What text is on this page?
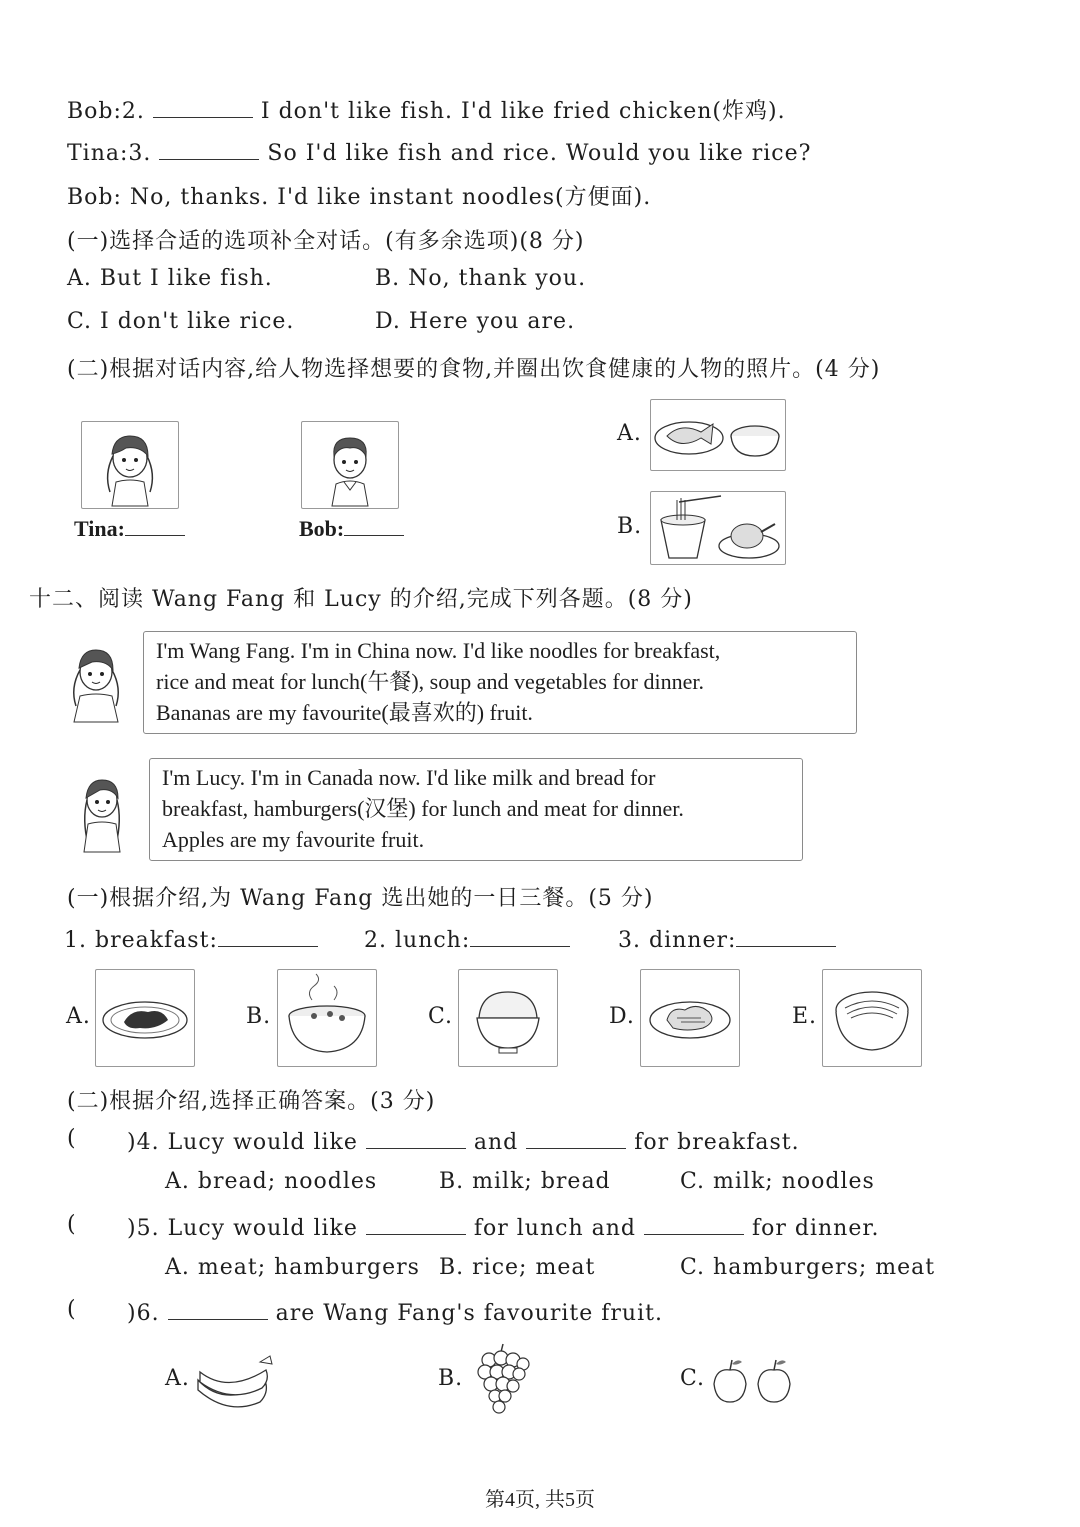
Bob:2.	I don't like fish. I'd like fried chicken(炸鸡).
Tina:3.	So I'd like fish and rice. Would you like rice?
Bob: No, thanks. I'd like instant noodles(方便面).
(一)选择合适的选项补全对话。(有多余选项)(8 分)
A. But I like fish.	B. No, thank you.
C. I don't like rice.	D. Here you are.
(二)根据对话内容,给人物选择想要的食物,并圈出饮食健康的人物的照片。(4 分)
Tina:	Bob:
A.
B.
十二、阅读 Wang Fang 和 Lucy 的介绍,完成下列各题。(8 分)
I'm Wang Fang. I'm in China now. I'd like noodles for breakfast,
rice and meat for lunch(午餐), soup and vegetables for dinner.
Bananas are my favourite(最喜欢的) fruit.
I'm Lucy. I'm in Canada now. I'd like milk and bread for
breakfast, hamburgers(汉堡) for lunch and meat for dinner.
Apples are my favourite fruit.
(一)根据介绍,为 Wang Fang 选出她的一日三餐。(5 分)
1. breakfast:	2. lunch:	3. dinner:
A.	B.	C.	D.	E.
(二)根据介绍,选择正确答案。(3 分)
( )4. Lucy would like	and	for breakfast.
A. bread; noodles	B. milk; bread	C. milk; noodles
( )5. Lucy would like	for lunch and	for dinner.
A. meat; hamburgers B. rice; meat	C. hamburgers; meat
( )6.	are Wang Fang's favourite fruit.
A.	B.	C.
第4页, 共5页
